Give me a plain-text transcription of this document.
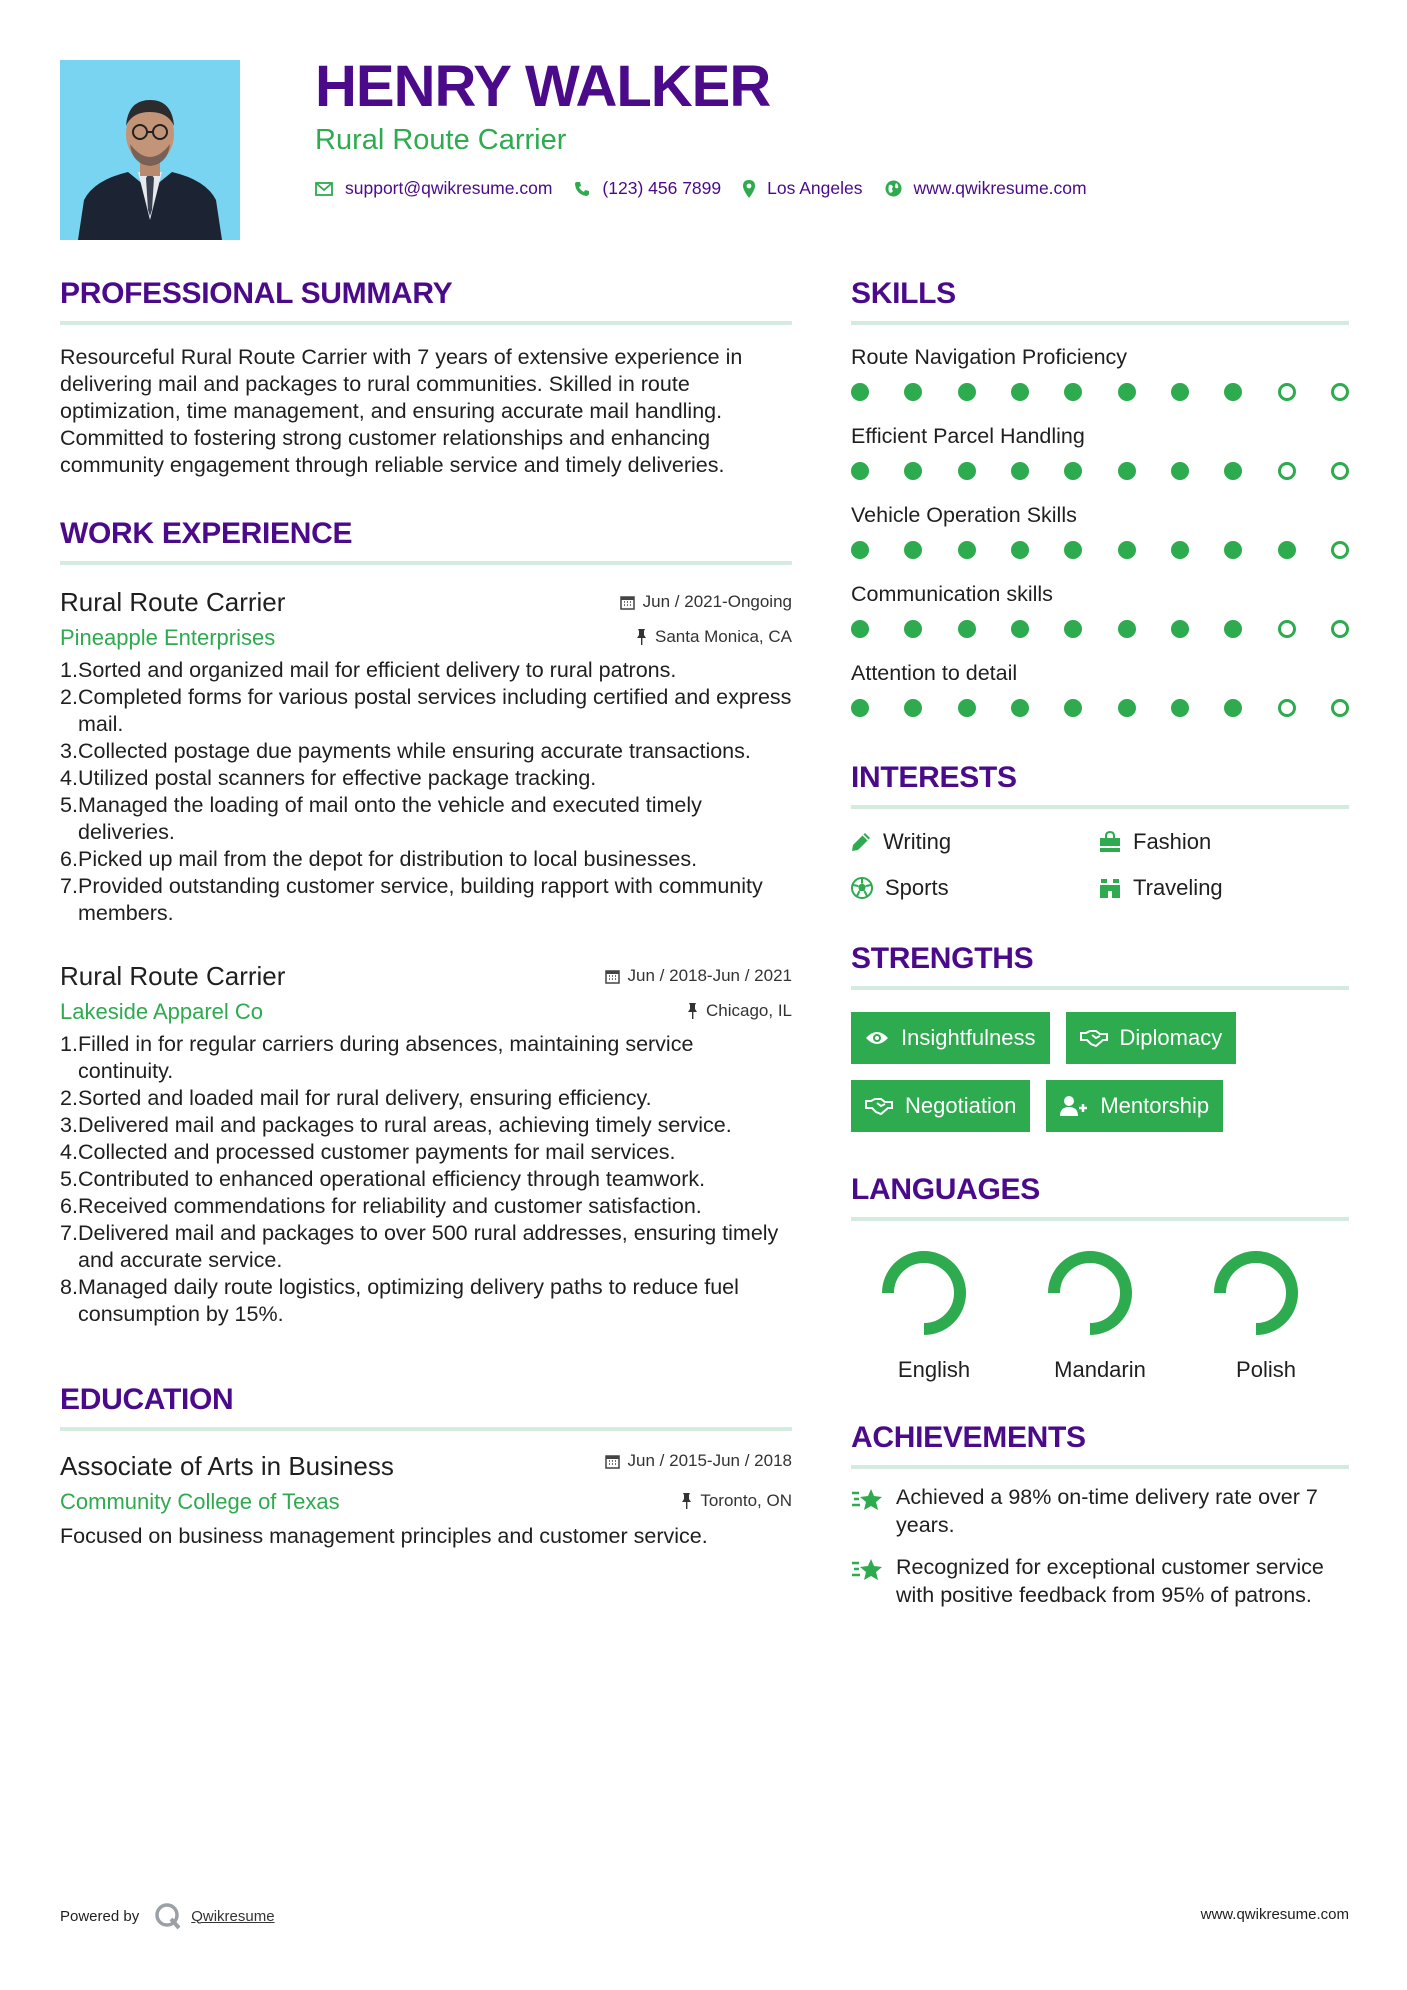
HENRY WALKER
Rural Route Carrier
support@qwikresume.com	(123) 456 7899	Los Angeles	www.qwikresume.com
PROFESSIONAL SUMMARY

Resourceful Rural Route Carrier with 7 years of extensive experience in delivering mail and packages to rural communities. Skilled in route optimization, time management, and ensuring accurate mail handling. Committed to fostering strong customer relationships and enhancing community engagement through reliable service and timely deliveries.

WORK EXPERIENCE
Rural Route Carrier
Pineapple Enterprises
Jun / 2021-Ongoing
Santa Monica, CA
1. Sorted and organized mail for efficient delivery to rural patrons.
2. Completed forms for various postal services including certified and express mail.
3. Collected postage due payments while ensuring accurate transactions.
4. Utilized postal scanners for effective package tracking.
5. Managed the loading of mail onto the vehicle and executed timely deliveries.
6. Picked up mail from the depot for distribution to local businesses.
7. Provided outstanding customer service, building rapport with community members.
Rural Route Carrier
Lakeside Apparel Co
Jun / 2018-Jun / 2021
Chicago, IL
1. Filled in for regular carriers during absences, maintaining service continuity.
2. Sorted and loaded mail for rural delivery, ensuring efficiency.
3. Delivered mail and packages to rural areas, achieving timely service.
4. Collected and processed customer payments for mail services.
5. Contributed to enhanced operational efficiency through teamwork.
6. Received commendations for reliability and customer satisfaction.
7. Delivered mail and packages to over 500 rural addresses, ensuring timely and accurate service.
8. Managed daily route logistics, optimizing delivery paths to reduce fuel consumption by 15%.
EDUCATION
Associate of Arts in Business
Community College of Texas
Jun / 2015-Jun / 2018
Toronto, ON

Focused on business management principles and customer service.

SKILLS
Route Navigation Proficiency
Efficient Parcel Handling
Vehicle Operation Skills
Communication skills
Attention to detail
INTERESTS
Writing	Fashion
Sports	Traveling
STRENGTHS
Insightfulness	Diplomacy
Negotiation	Mentorship
LANGUAGES
English	Mandarin	Polish
ACHIEVEMENTS
Achieved a 98% on-time delivery rate over 7 years.
Recognized for exceptional customer service with positive feedback from 95% of patrons.
Powered by	Qwikresume	www.qwikresume.com
